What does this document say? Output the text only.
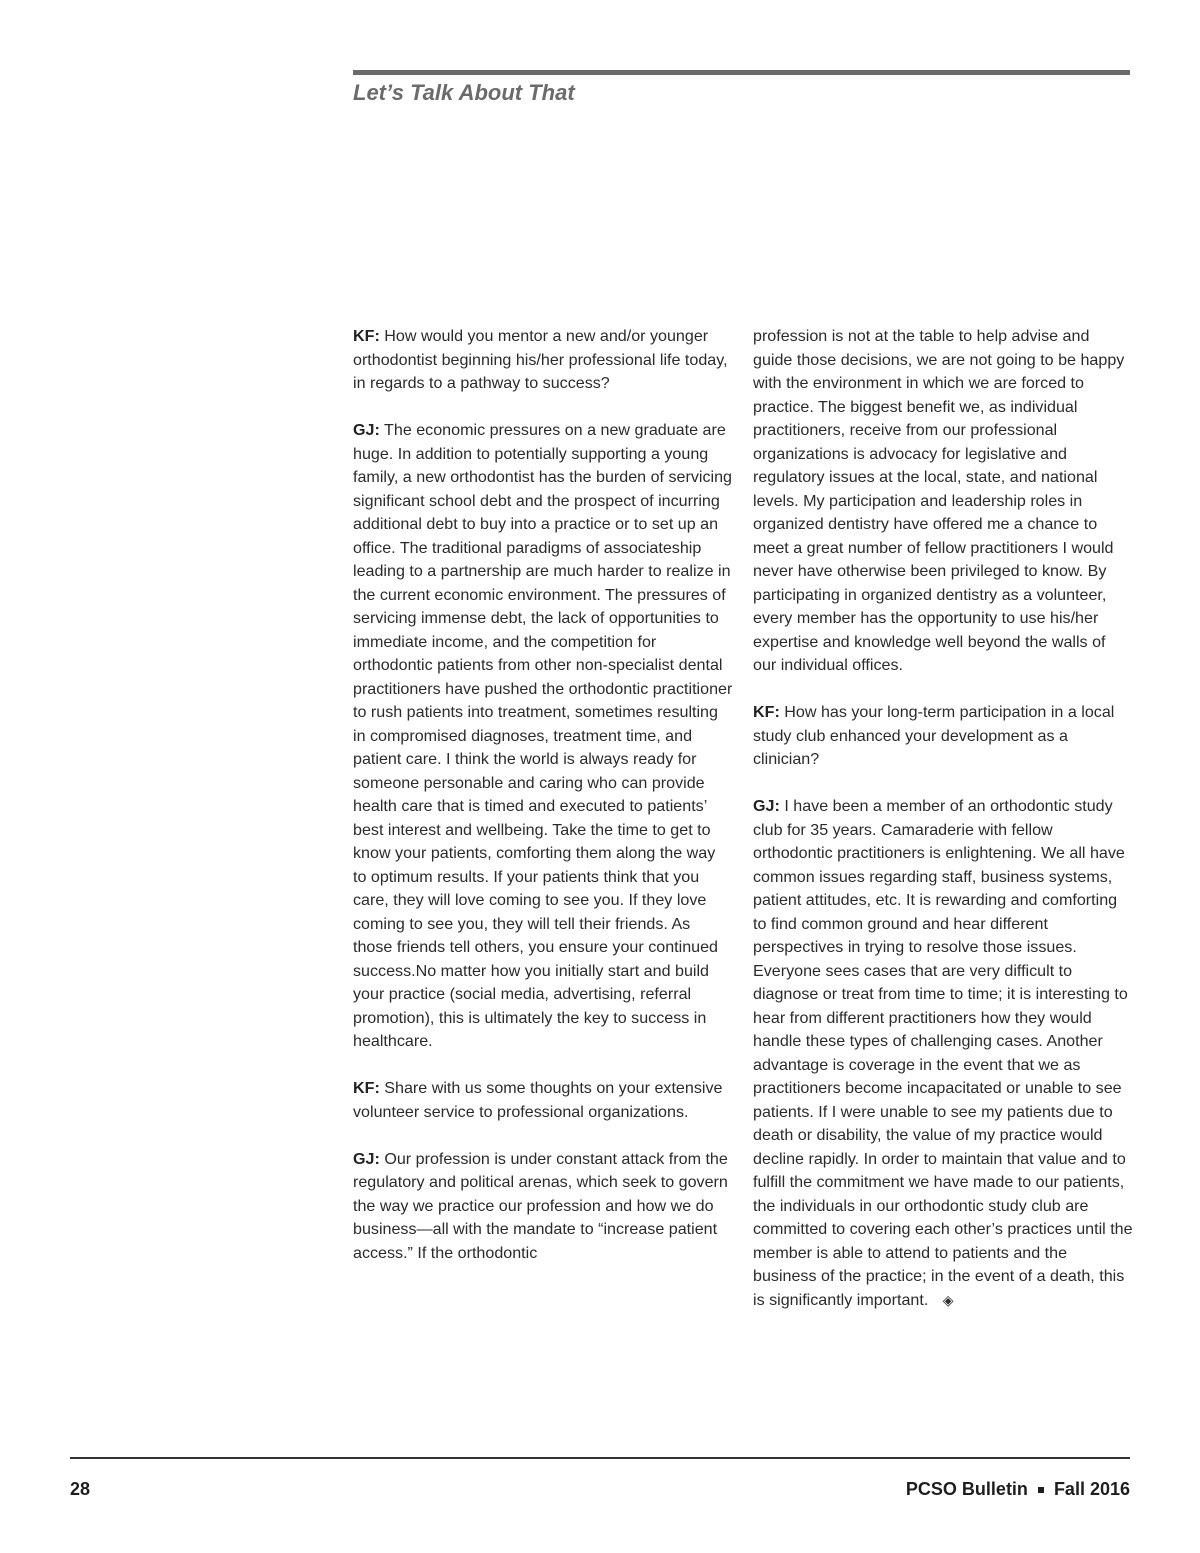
Let’s Talk About That

KF: How would you mentor a new and/or younger orthodontist beginning his/her professional life today, in regards to a pathway to success?

GJ: The economic pressures on a new graduate are huge. In addition to potentially supporting a young family, a new orthodontist has the burden of servicing significant school debt and the prospect of incurring additional debt to buy into a practice or to set up an office. The traditional paradigms of associateship leading to a partnership are much harder to realize in the current economic environment. The pressures of servicing immense debt, the lack of opportunities to immediate income, and the competition for orthodontic patients from other non-specialist dental practitioners have pushed the orthodontic practitioner to rush patients into treatment, sometimes resulting in compromised diagnoses, treatment time, and patient care. I think the world is always ready for someone personable and caring who can provide health care that is timed and executed to patients’ best interest and wellbeing. Take the time to get to know your patients, comforting them along the way to optimum results. If your patients think that you care, they will love coming to see you. If they love coming to see you, they will tell their friends. As those friends tell others, you ensure your continued success.No matter how you initially start and build your practice (social media, advertising, referral promotion), this is ultimately the key to success in healthcare.

KF: Share with us some thoughts on your extensive volunteer service to professional organizations.

GJ: Our profession is under constant attack from the regulatory and political arenas, which seek to govern the way we practice our profession and how we do business—all with the mandate to “increase patient access.” If the orthodontic

profession is not at the table to help advise and guide those decisions, we are not going to be happy with the environment in which we are forced to practice. The biggest benefit we, as individual practitioners, receive from our professional organizations is advocacy for legislative and regulatory issues at the local, state, and national levels. My participation and leadership roles in organized dentistry have offered me a chance to meet a great number of fellow practitioners I would never have otherwise been privileged to know. By participating in organized dentistry as a volunteer, every member has the opportunity to use his/her expertise and knowledge well beyond the walls of our individual offices.

KF: How has your long-term participation in a local study club enhanced your development as a clinician?

GJ: I have been a member of an orthodontic study club for 35 years. Camaraderie with fellow orthodontic practitioners is enlightening. We all have common issues regarding staff, business systems, patient attitudes, etc. It is rewarding and comforting to find common ground and hear different perspectives in trying to resolve those issues. Everyone sees cases that are very difficult to diagnose or treat from time to time; it is interesting to hear from different practitioners how they would handle these types of challenging cases. Another advantage is coverage in the event that we as practitioners become incapacitated or unable to see patients. If I were unable to see my patients due to death or disability, the value of my practice would decline rapidly. In order to maintain that value and to fulfill the commitment we have made to our patients, the individuals in our orthodontic study club are committed to covering each other’s practices until the member is able to attend to patients and the business of the practice; in the event of a death, this is significantly important. ◈

28	PCSO Bulletin Fall 2016
